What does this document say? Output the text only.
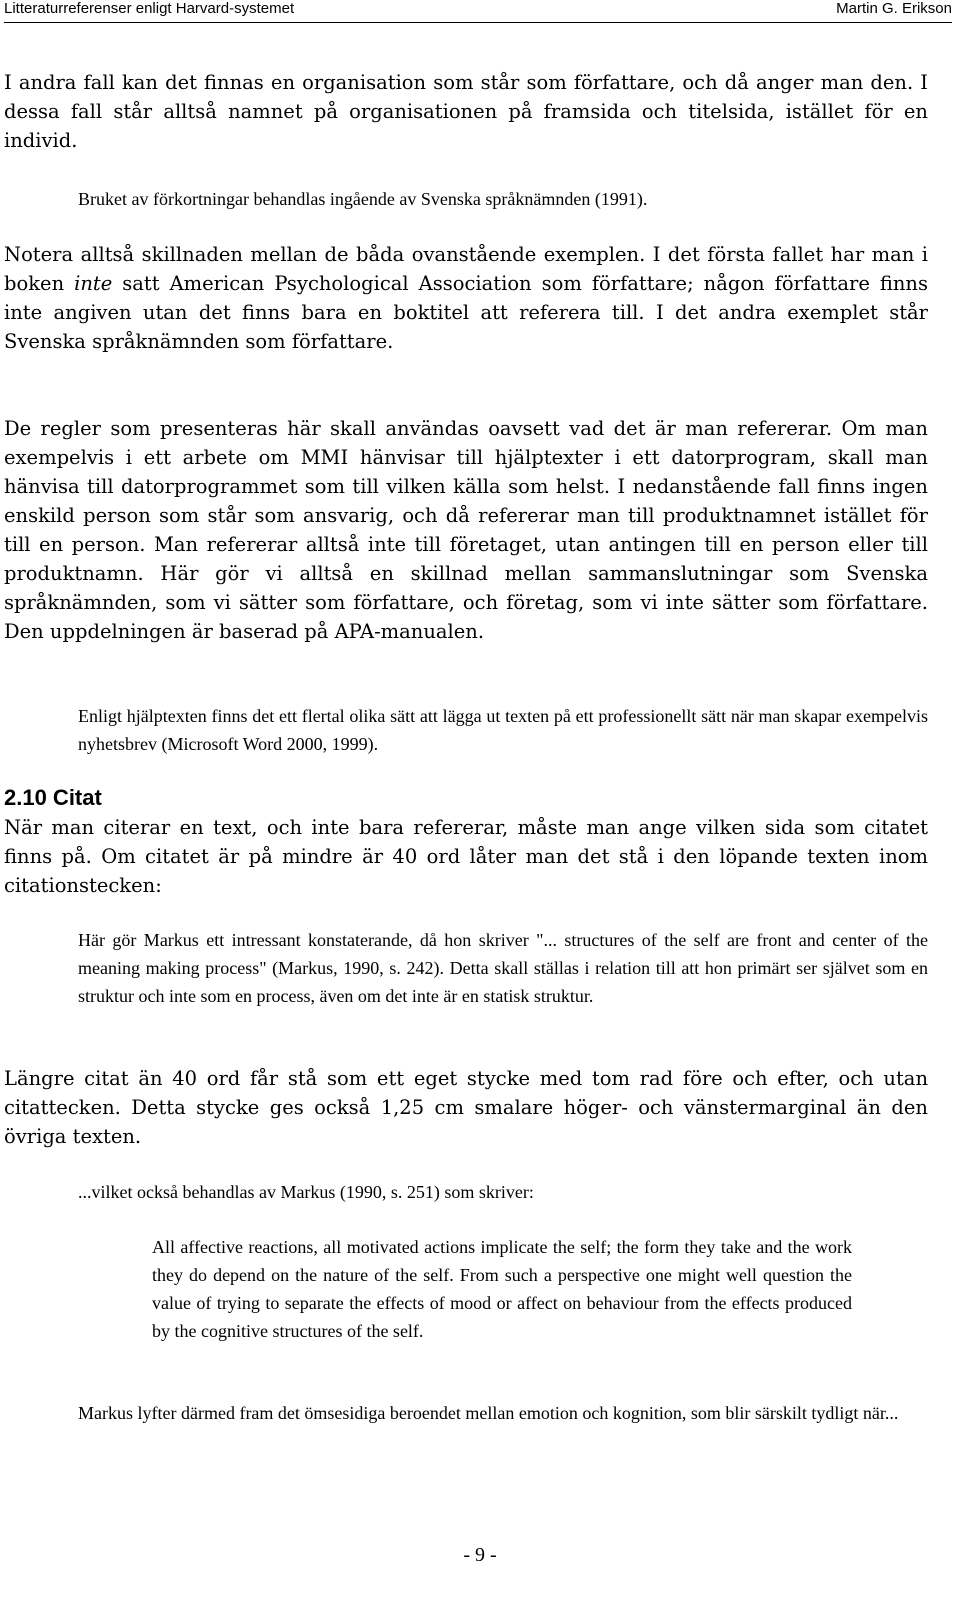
Litteraturreferenser enligt Harvard-systemet	Martin G. Erikson

I andra fall kan det finnas en organisation som står som författare, och då anger man den. I dessa fall står alltså namnet på organisationen på framsida och titelsida, istället för en individ.

Bruket av förkortningar behandlas ingående av Svenska språknämnden (1991).

Notera alltså skillnaden mellan de båda ovanstående exemplen. I det första fallet har man i boken inte satt American Psychological Association som författare; någon författare finns inte angiven utan det finns bara en boktitel att referera till. I det andra exemplet står Svenska språknämnden som författare.

De regler som presenteras här skall användas oavsett vad det är man refererar. Om man exempelvis i ett arbete om MMI hänvisar till hjälptexter i ett datorprogram, skall man hänvisa till datorprogrammet som till vilken källa som helst. I nedanstående fall finns ingen enskild person som står som ansvarig, och då refererar man till produktnamnet istället för till en person. Man refererar alltså inte till företaget, utan antingen till en person eller till produktnamn. Här gör vi alltså en skillnad mellan sammanslutningar som Svenska språknämnden, som vi sätter som författare, och företag, som vi inte sätter som författare. Den uppdelningen är baserad på APA-manualen.

Enligt hjälptexten finns det ett flertal olika sätt att lägga ut texten på ett professionellt sätt när man skapar exempelvis nyhetsbrev (Microsoft Word 2000, 1999).

2.10 Citat

När man citerar en text, och inte bara refererar, måste man ange vilken sida som citatet finns på. Om citatet är på mindre är 40 ord låter man det stå i den löpande texten inom citationstecken:

Här gör Markus ett intressant konstaterande, då hon skriver "... structures of the self are front and center of the meaning making process" (Markus, 1990, s. 242). Detta skall ställas i relation till att hon primärt ser självet som en struktur och inte som en process, även om det inte är en statisk struktur.

Längre citat än 40 ord får stå som ett eget stycke med tom rad före och efter, och utan citattecken. Detta stycke ges också 1,25 cm smalare höger- och vänstermarginal än den övriga texten.

...vilket också behandlas av Markus (1990, s. 251) som skriver:

All affective reactions, all motivated actions implicate the self; the form they take and the work they do depend on the nature of the self. From such a perspective one might well question the value of trying to separate the effects of mood or affect on behaviour from the effects produced by the cognitive structures of the self.

Markus lyfter därmed fram det ömsesidiga beroendet mellan emotion och kognition, som blir särskilt tydligt när...

- 9 -
